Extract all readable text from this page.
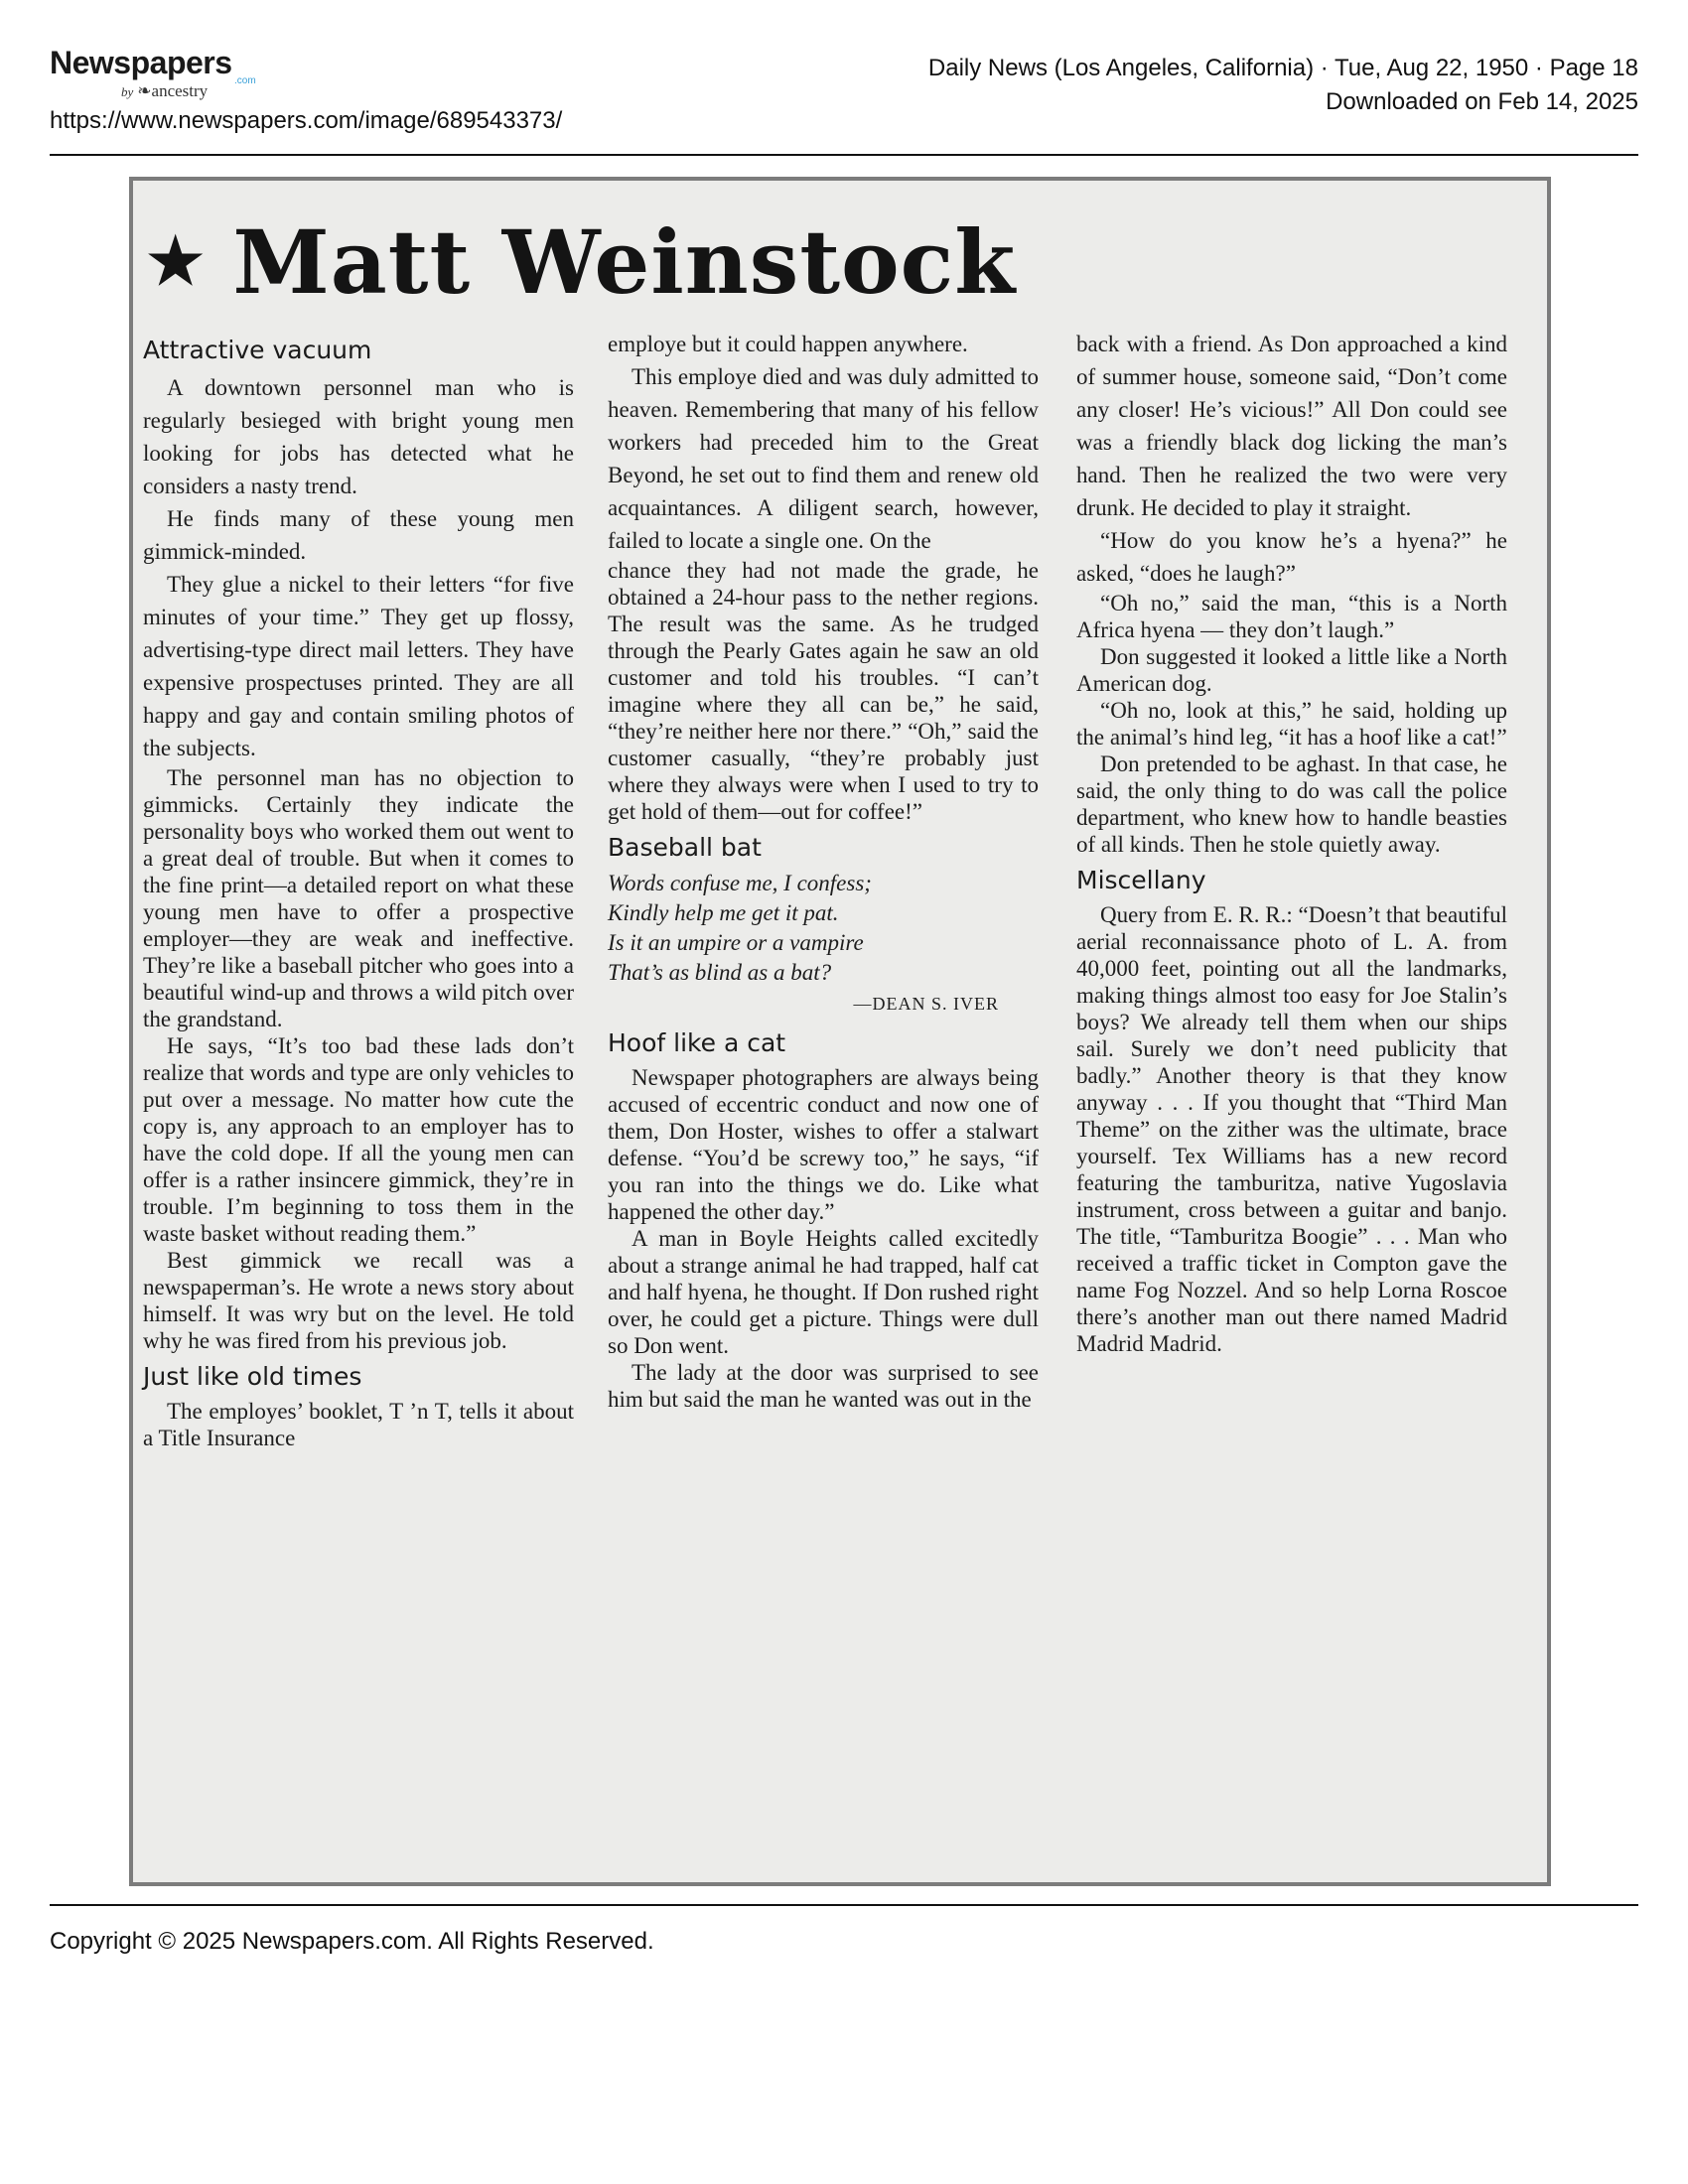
Newspapers
.com
by ❧ancestry
https://www.newspapers.com/image/689543373/
Daily News (Los Angeles, California) · Tue, Aug 22, 1950 · Page 18
Downloaded on Feb 14, 2025
★ Matt Weinstock
Attractive vacuum

A downtown personnel man who is regularly besieged with bright young men looking for jobs has detected what he considers a nasty trend.

He finds many of these young men gimmick-minded.

They glue a nickel to their letters “for five minutes of your time.” They get up flossy, advertising-type direct mail letters. They have expensive prospectuses printed. They are all happy and gay and contain smiling photos of the subjects.

The personnel man has no objection to gimmicks. Certainly they indicate the personality boys who worked them out went to a great deal of trouble. But when it comes to the fine print—a detailed report on what these young men have to offer a prospective employer—they are weak and ineffective. They’re like a baseball pitcher who goes into a beautiful wind-up and throws a wild pitch over the grandstand.

He says, “It’s too bad these lads don’t realize that words and type are only vehicles to put over a message. No matter how cute the copy is, any approach to an employer has to have the cold dope. If all the young men can offer is a rather insincere gimmick, they’re in trouble. I’m beginning to toss them in the waste basket without reading them.”

Best gimmick we recall was a newspaperman’s. He wrote a news story about himself. It was wry but on the level. He told why he was fired from his previous job.

Just like old times

The employes’ booklet, T ’n T, tells it about a Title Insurance

employe but it could happen anywhere.

This employe died and was duly admitted to heaven. Remembering that many of his fellow workers had preceded him to the Great Beyond, he set out to find them and renew old acquaintances. A diligent search, however, failed to locate a single one. On the

chance they had not made the grade, he obtained a 24-hour pass to the nether regions. The result was the same. As he trudged through the Pearly Gates again he saw an old customer and told his troubles. “I can’t imagine where they all can be,” he said, “they’re neither here nor there.” “Oh,” said the customer casually, “they’re probably just where they always were when I used to try to get hold of them—out for coffee!”

Baseball bat
Words confuse me, I confess;
Kindly help me get it pat.
Is it an umpire or a vampire
That’s as blind as a bat?
—DEAN S. IVER
Hoof like a cat

Newspaper photographers are always being accused of eccentric conduct and now one of them, Don Hoster, wishes to offer a stalwart defense. “You’d be screwy too,” he says, “if you ran into the things we do. Like what happened the other day.”

A man in Boyle Heights called excitedly about a strange animal he had trapped, half cat and half hyena, he thought. If Don rushed right over, he could get a picture. Things were dull so Don went.

The lady at the door was surprised to see him but said the man he wanted was out in the

back with a friend. As Don approached a kind of summer house, someone said, “Don’t come any closer! He’s vicious!” All Don could see was a friendly black dog licking the man’s hand. Then he realized the two were very drunk. He decided to play it straight.

“How do you know he’s a hyena?” he asked, “does he laugh?”

“Oh no,” said the man, “this is a North Africa hyena — they don’t laugh.”

Don suggested it looked a little like a North American dog.

“Oh no, look at this,” he said, holding up the animal’s hind leg, “it has a hoof like a cat!”

Don pretended to be aghast. In that case, he said, the only thing to do was call the police department, who knew how to handle beasties of all kinds. Then he stole quietly away.

Miscellany

Query from E. R. R.: “Doesn’t that beautiful aerial reconnaissance photo of L. A. from 40,000 feet, pointing out all the landmarks, making things almost too easy for Joe Stalin’s boys? We already tell them when our ships sail. Surely we don’t need publicity that badly.” Another theory is that they know anyway . . . If you thought that “Third Man Theme” on the zither was the ultimate, brace yourself. Tex Williams has a new record featuring the tamburitza, native Yugoslavia instrument, cross between a guitar and banjo. The title, “Tamburitza Boogie” . . . Man who received a traffic ticket in Compton gave the name Fog Nozzel. And so help Lorna Roscoe there’s another man out there named Madrid Madrid Madrid.

Copyright © 2025 Newspapers.com. All Rights Reserved.
